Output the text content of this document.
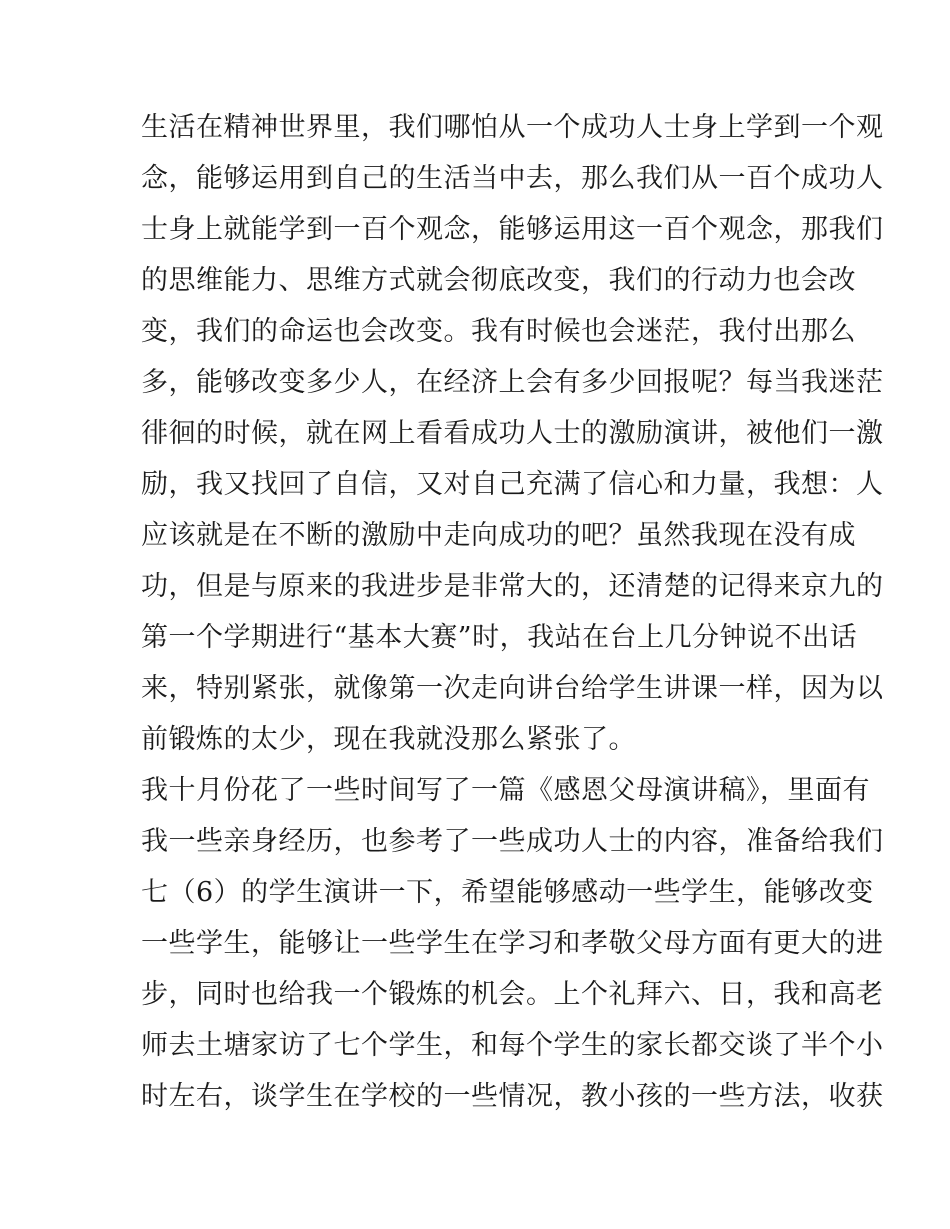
生活在精神世界里，我们哪怕从一个成功人士身上学到一个观
念，能够运用到自己的生活当中去，那么我们从一百个成功人
士身上就能学到一百个观念，能够运用这一百个观念，那我们
的思维能力、思维方式就会彻底改变，我们的行动力也会改
变，我们的命运也会改变。我有时候也会迷茫，我付出那么
多，能够改变多少人，在经济上会有多少回报呢？每当我迷茫
徘徊的时候，就在网上看看成功人士的激励演讲，被他们一激
励，我又找回了自信，又对自己充满了信心和力量，我想：人
应该就是在不断的激励中走向成功的吧？虽然我现在没有成
功，但是与原来的我进步是非常大的，还清楚的记得来京九的
第一个学期进行“基本大赛”时，我站在台上几分钟说不出话
来，特别紧张，就像第一次走向讲台给学生讲课一样，因为以
前锻炼的太少，现在我就没那么紧张了。
我十月份花了一些时间写了一篇《感恩父母演讲稿》，里面有
我一些亲身经历，也参考了一些成功人士的内容，准备给我们
七（6）的学生演讲一下，希望能够感动一些学生，能够改变
一些学生，能够让一些学生在学习和孝敬父母方面有更大的进
步，同时也给我一个锻炼的机会。上个礼拜六、日，我和高老
师去土塘家访了七个学生，和每个学生的家长都交谈了半个小
时左右，谈学生在学校的一些情况，教小孩的一些方法，收获
